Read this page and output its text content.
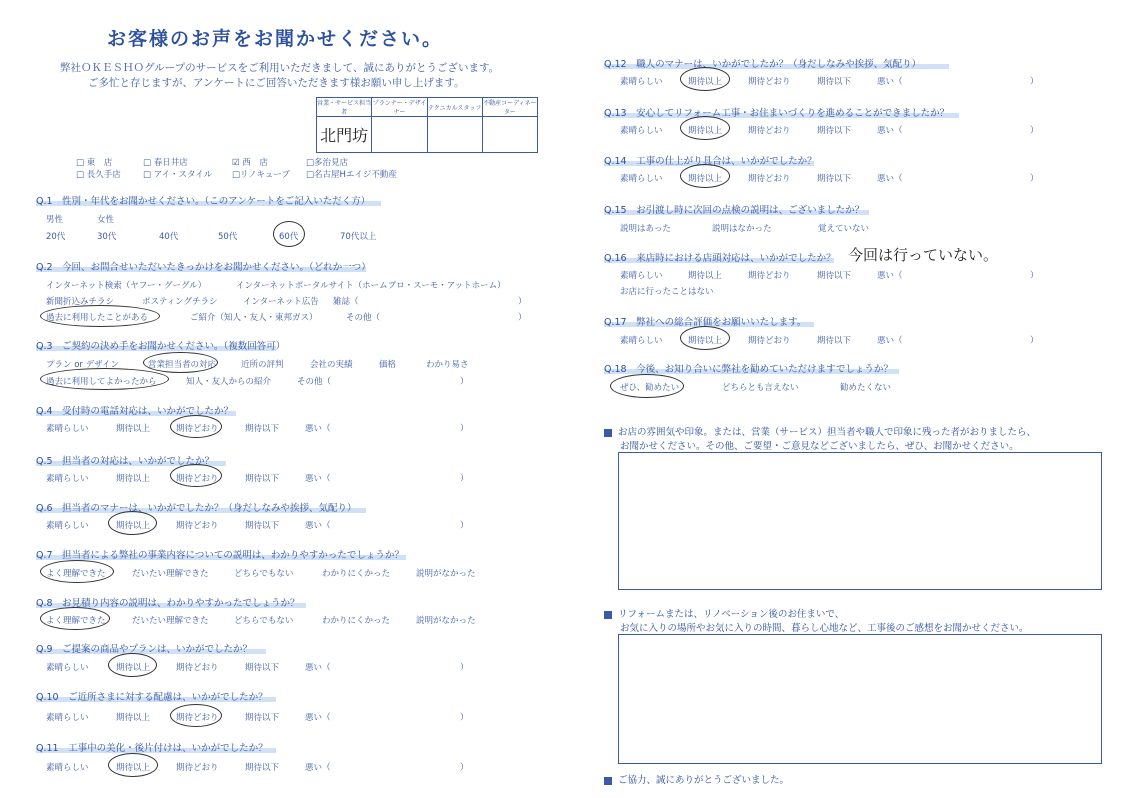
お客様のお声をお聞かせください。
弊社ＯＫＥＳＨＯグループのサービスをご利用いただきまして、誠にありがとうございます。
ご多忙と存じますが、アンケートにご回答いただきます様お願い申し上げます。
営業・サービス担当者	プランナー・デザイナー	テクニカルスタッフ	不動産コーディネーター
北門坊			
□ 東　店	□ 春日井店	☑ 西　店	□多治見店
□ 長久手店	□ アイ・スタイル □リノキューブ □名古屋Hエイジ不動産
Q.1　性別・年代をお聞かせください。（このアンケートをご記入いただく方）
男性	女性
20代	30代	40代	50代	60代	70代以上
Q.2　今回、お問合せいただいたきっかけをお聞かせください。（どれか一つ）
インターネット検索（ヤフー・グーグル）	インターネットポータルサイト（ホームプロ・スーモ・アットホーム）
新聞折込みチラシ	ポスティングチラシ	インターネット広告 雑誌（	）
過去に利用したことがある	ご紹介（知人・友人・東邦ガス）	その他（	）
Q.3　ご契約の決め手をお聞かせください。（複数回答可）
プラン or デザイン	営業担当者の対応	近所の評判	会社の実績	価格	わかり易さ
過去に利用してよかったから	知人・友人からの紹介	その他（	）
Q.4　受付時の電話対応は、いかがでしたか？
素晴らしい	期待以上	期待どおり	期待以下	悪い（	）
Q.5　担当者の対応は、いかがでしたか？
素晴らしい	期待以上	期待どおり	期待以下	悪い（	）
Q.6　担当者のマナーは、いかがでしたか？（身だしなみや挨拶、気配り）
素晴らしい	期待以上	期待どおり	期待以下	悪い（	）
Q.7　担当者による弊社の事業内容についての説明は、わかりやすかったでしょうか？
よく理解できた	だいたい理解できた	どちらでもない	わかりにくかった	説明がなかった
Q.8　お見積り内容の説明は、わかりやすかったでしょうか？
よく理解できた	だいたい理解できた	どちらでもない	わかりにくかった	説明がなかった
Q.9　ご提案の商品やプランは、いかがでしたか？
素晴らしい	期待以上	期待どおり	期待以下	悪い（	）
Q.10　ご近所さまに対する配慮は、いかがでしたか？
素晴らしい	期待以上	期待どおり	期待以下	悪い（	）
Q.11　工事中の美化・後片付けは、いかがでしたか？
素晴らしい	期待以上	期待どおり	期待以下	悪い（	）
Q.12　職人のマナーは、いかがでしたか？（身だしなみや挨拶、気配り）
素晴らしい	期待以上	期待どおり	期待以下	悪い（	）
Q.13　安心してリフォーム工事・お住まいづくりを進めることができましたか？
素晴らしい	期待以上	期待どおり	期待以下	悪い（	）
Q.14　工事の仕上がり具合は、いかがでしたか？
素晴らしい	期待以上	期待どおり	期待以下	悪い（	）
Q.15　お引渡し時に次回の点検の説明は、ございましたか？
説明はあった	説明はなかった	覚えていない
Q.16　来店時における店頭対応は、いかがでしたか？ 今回は行っていない。
素晴らしい	期待以上	期待どおり	期待以下	悪い（	）
お店に行ったことはない
Q.17　弊社への総合評価をお願いいたします。
素晴らしい	期待以上	期待どおり	期待以下	悪い（	）
Q.18　今後、お知り合いに弊社を勧めていただけますでしょうか？
ぜひ、勧めたい	どちらとも言えない	勧めたくない
お店の雰囲気や印象。または、営業（サービス）担当者や職人で印象に残った者がおりましたら、
お聞かせください。その他、ご要望・ご意見などございましたら、ぜひ、お聞かせください。
リフォームまたは、リノベーション後のお住まいで、
お気に入りの場所やお気に入りの時間、暮らし心地など、工事後のご感想をお聞かせください。
ご協力、誠にありがとうございました。
